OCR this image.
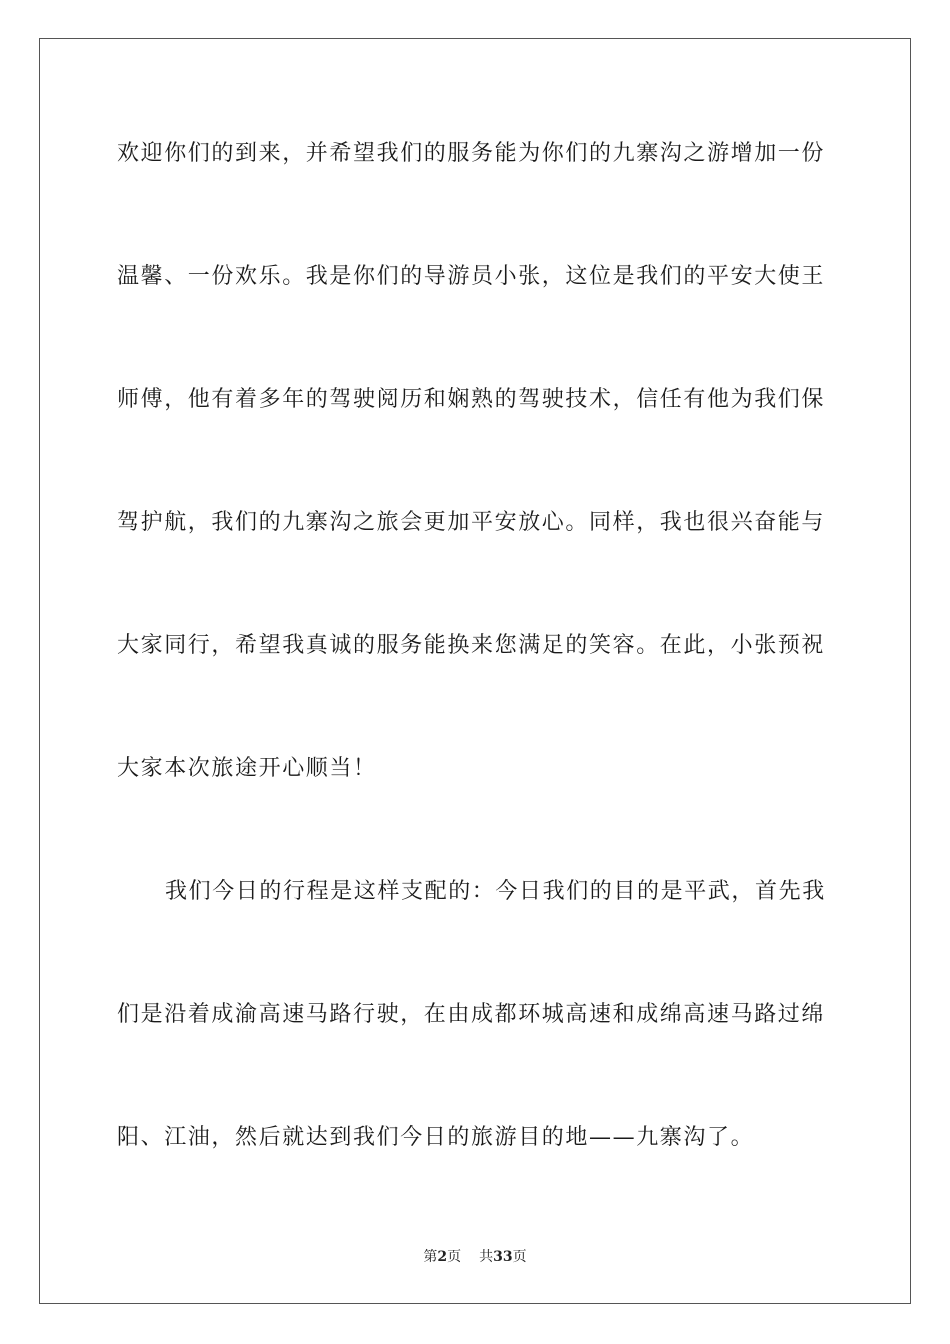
欢迎你们的到来，并希望我们的服务能为你们的九寨沟之游增加一份
温馨、一份欢乐。我是你们的导游员小张，这位是我们的平安大使王
师傅，他有着多年的驾驶阅历和娴熟的驾驶技术，信任有他为我们保
驾护航，我们的九寨沟之旅会更加平安放心。同样，我也很兴奋能与
大家同行，希望我真诚的服务能换来您满足的笑容。在此，小张预祝
大家本次旅途开心顺当！
我们今日的行程是这样支配的：今日我们的目的是平武，首先我
们是沿着成渝高速马路行驶，在由成都环城高速和成绵高速马路过绵
阳、江油，然后就达到我们今日的旅游目的地——九寨沟了。
第2页 共33页
